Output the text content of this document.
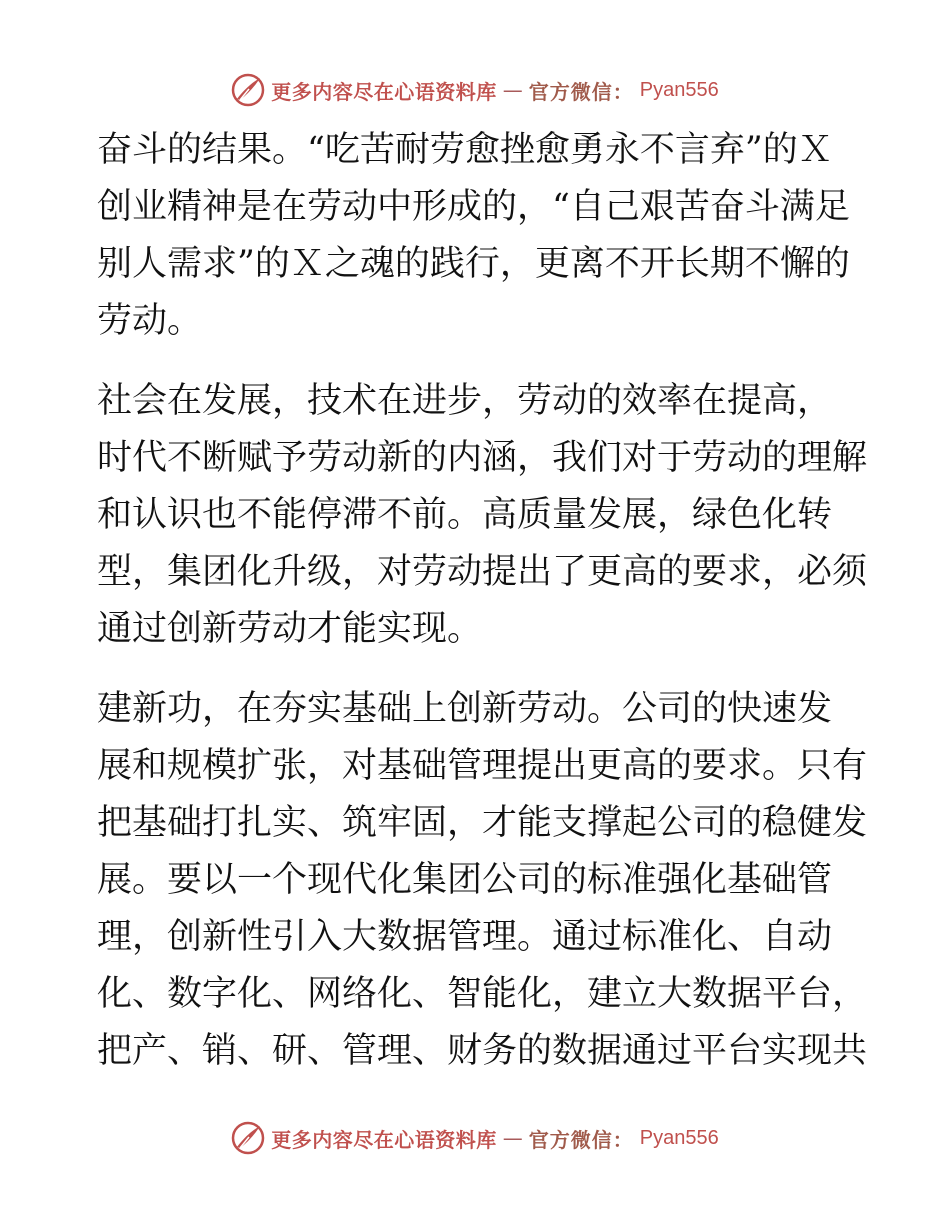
更多内容尽在心语资料库 — 官方微信： Pyan556
奋斗的结果。“吃苦耐劳愈挫愈勇永不言弃”的Ｘ
创业精神是在劳动中形成的，“自己艰苦奋斗满足
别人需求”的Ｘ之魂的践行，更离不开长期不懈的
劳动。
社会在发展，技术在进步，劳动的效率在提高，
时代不断赋予劳动新的内涵，我们对于劳动的理解
和认识也不能停滞不前。高质量发展，绿色化转
型，集团化升级，对劳动提出了更高的要求，必须
通过创新劳动才能实现。
建新功，在夯实基础上创新劳动。公司的快速发
展和规模扩张，对基础管理提出更高的要求。只有
把基础打扎实、筑牢固，才能支撑起公司的稳健发
展。要以一个现代化集团公司的标准强化基础管
理，创新性引入大数据管理。通过标准化、自动
化、数字化、网络化、智能化，建立大数据平台，
把产、销、研、管理、财务的数据通过平台实现共
更多内容尽在心语资料库 — 官方微信： Pyan556
